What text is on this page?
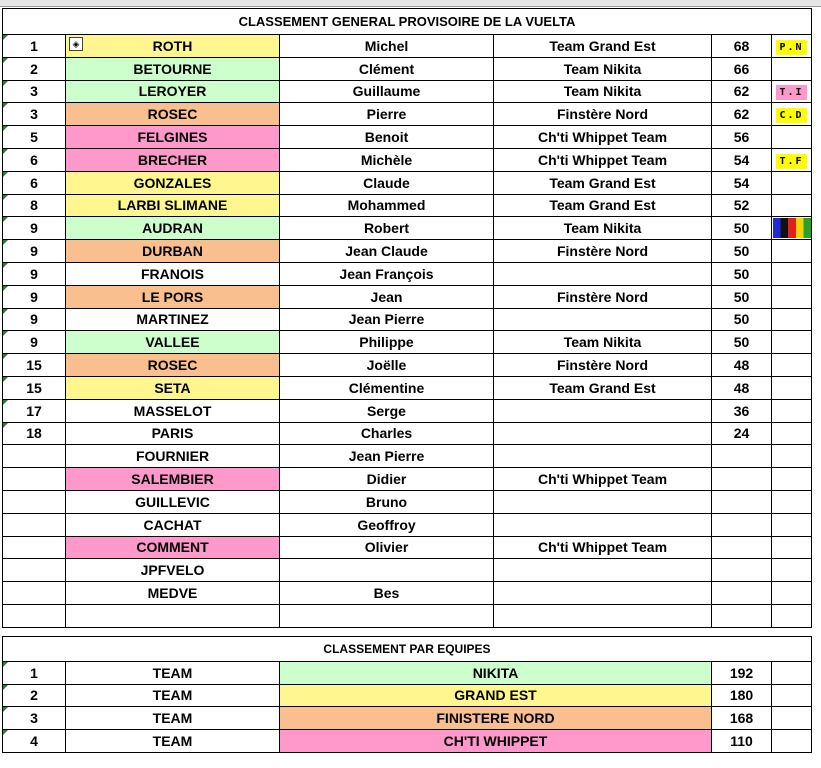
CLASSEMENT GENERAL PROVISOIRE DE LA VUELTA					
1	◈ ROTH	Michel	Team Grand Est	68	P.N
2	BETOURNE	Clément	Team Nikita	66	
3	LEROYER	Guillaume	Team Nikita	62	T.I
3	ROSEC	Pierre	Finstère Nord	62	C.D
5	FELGINES	Benoit	Ch'ti Whippet Team	56	
6	BRECHER	Michèle	Ch'ti Whippet Team	54	T.F
6	GONZALES	Claude	Team Grand Est	54	
8	LARBI SLIMANE	Mohammed	Team Grand Est	52	
9	AUDRAN	Robert	Team Nikita	50	
9	DURBAN	Jean Claude	Finstère Nord	50	
9	FRANOIS	Jean François		50	
9	LE PORS	Jean	Finstère Nord	50	
9	MARTINEZ	Jean Pierre		50	
9	VALLEE	Philippe	Team Nikita	50	
15	ROSEC	Joëlle	Finstère Nord	48	
15	SETA	Clémentine	Team Grand Est	48	
17	MASSELOT	Serge		36	
18	PARIS	Charles		24	
	FOURNIER	Jean Pierre			
	SALEMBIER	Didier	Ch'ti Whippet Team		
	GUILLEVIC	Bruno			
	CACHAT	Geoffroy			
	COMMENT	Olivier	Ch'ti Whippet Team		
	JPFVELO				
	MEDVE	Bes			

CLASSEMENT PAR EQUIPES					
1	TEAM	NIKITA		192	
2	TEAM	GRAND EST		180	
3	TEAM	FINISTERE NORD		168	
4	TEAM	CH'TI WHIPPET		110	
